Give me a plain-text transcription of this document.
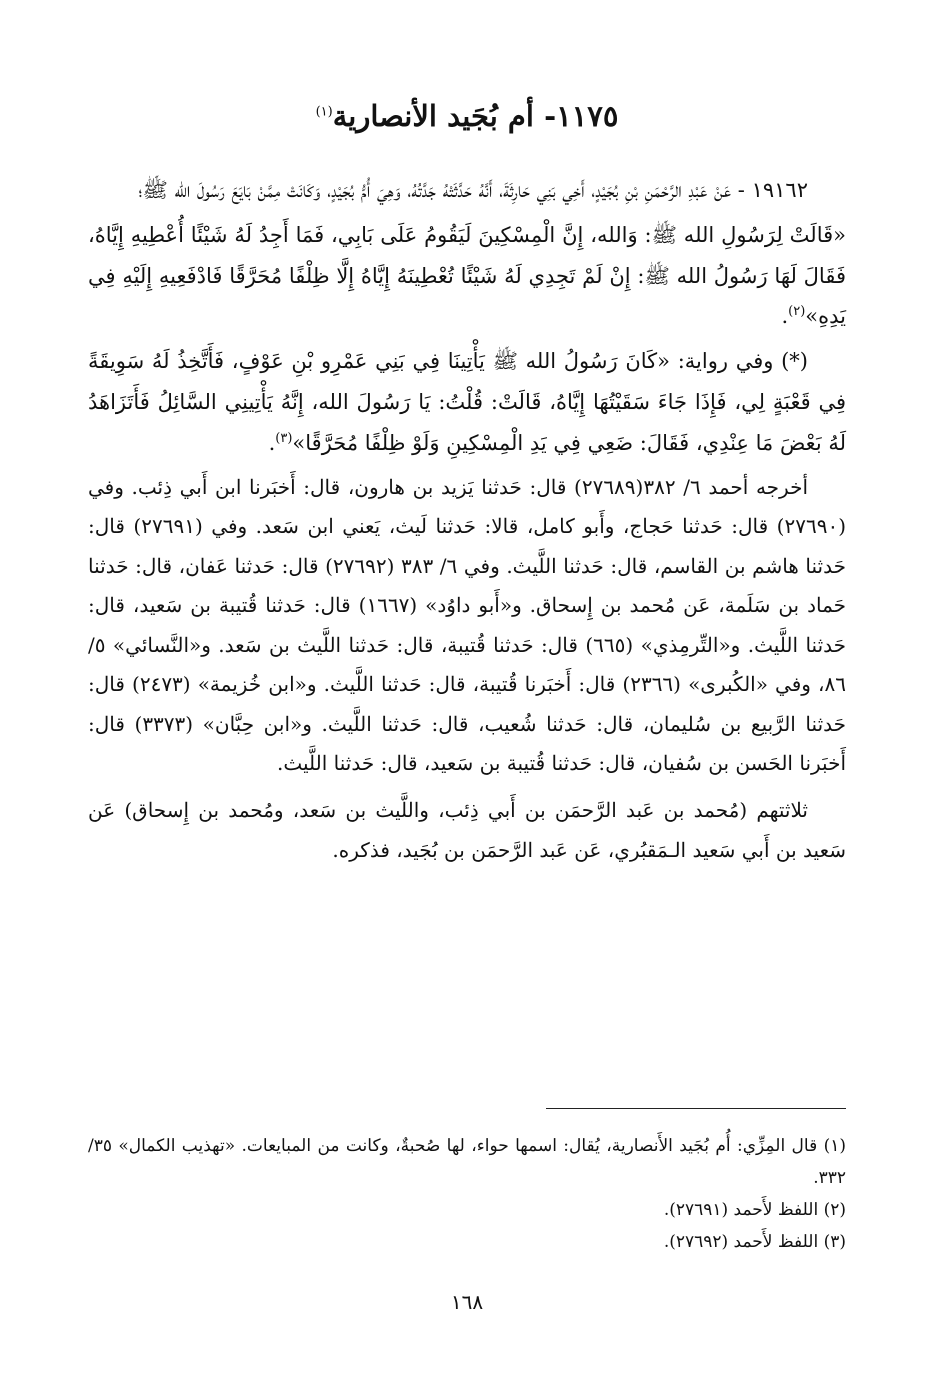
١١٧٥- أم بُجَيد الأنصارية$^{(١)}$

١٩١٦٢ - عَنْ عَبْدِ الرَّحْمَنِ بْنِ بُجَيْدٍ، أَخِي بَنِي حَارِثَةَ، أَنَّهُ حَدَّثَتْهُ جَدَّتُهُ، وَهِيَ أُمُّ بُجَيْدٍ، وَكَانَتْ مِمَّنْ بَايَعَ رَسُولَ الله ﷺ؛

«قَالَتْ لِرَسُولِ الله ﷺ: وَالله، إِنَّ الْمِسْكِينَ لَيَقُومُ عَلَى بَابِي، فَمَا أَجِدُ لَهُ شَيْئًا أُعْطِيهِ إِيَّاهُ، فَقَالَ لَهَا رَسُولُ الله ﷺ: إِنْ لَمْ تَجِدِي لَهُ شَيْئًا تُعْطِينَهُ إِيَّاهُ إِلَّا ظِلْفًا مُحَرَّقًا فَادْفَعِيهِ إِلَيْهِ فِي يَدِهِ»$^{(٢)}$.

(*) وفي رواية: «كَانَ رَسُولُ الله ﷺ يَأْتِينَا فِي بَنِي عَمْرِو بْنِ عَوْفٍ، فَأَتَّخِذُ لَهُ سَوِيقَةً فِي قَعْبَةٍ لِي، فَإِذَا جَاءَ سَقَيْتُهَا إِيَّاهُ، قَالَتْ: قُلْتُ: يَا رَسُولَ الله، إِنَّهُ يَأْتِينِي السَّائِلُ فَأَتَزَاهَدُ لَهُ بَعْضَ مَا عِنْدِي، فَقَالَ: ضَعِي فِي يَدِ الْمِسْكِينِ وَلَوْ ظِلْفًا مُحَرَّقًا»$^{(٣)}$.

أخرجه أحمد ٦/ ٣٨٢(٢٧٦٨٩) قال: حَدثنا يَزيد بن هارون، قال: أَخبَرنا ابن أَبي ذِئب. وفي (٢٧٦٩٠) قال: حَدثنا حَجاج، وأَبو كامل، قالا: حَدثنا لَيث، يَعني ابن سَعد. وفي (٢٧٦٩١) قال: حَدثنا هاشم بن القاسم، قال: حَدثنا اللَّيث. وفي ٦/ ٣٨٣ (٢٧٦٩٢) قال: حَدثنا عَفان، قال: حَدثنا حَماد بن سَلَمة، عَن مُحمد بن إِسحاق. و«أَبو داوُد» (١٦٦٧) قال: حَدثنا قُتيبة بن سَعيد، قال: حَدثنا اللَّيث. و«التِّرمِذي» (٦٦٥) قال: حَدثنا قُتيبة، قال: حَدثنا اللَّيث بن سَعد. و«النَّسائي» ٥/ ٨٦، وفي «الكُبرى» (٢٣٦٦) قال: أَخبَرنا قُتيبة، قال: حَدثنا اللَّيث. و«ابن خُزيمة» (٢٤٧٣) قال: حَدثنا الرَّبيع بن سُليمان، قال: حَدثنا شُعيب، قال: حَدثنا اللَّيث. و«ابن حِبَّان» (٣٣٧٣) قال: أَخبَرنا الحَسن بن سُفيان، قال: حَدثنا قُتيبة بن سَعيد، قال: حَدثنا اللَّيث.

ثلاثتهم (مُحمد بن عَبد الرَّحمَن بن أَبي ذِئب، واللَّيث بن سَعد، ومُحمد بن إِسحاق) عَن سَعيد بن أَبي سَعيد الـمَقبُري، عَن عَبد الرَّحمَن بن بُجَيد، فذكره.

(١) قال المِزِّي: أُم بُجَيد الأَنصارية، يُقال: اسمها حواء، لها صُحبةٌ، وكانت من المبايعات. «تهذيب الكمال» ٣٥/ ٣٣٢.
(٢) اللفظ لأَحمد (٢٧٦٩١).
(٣) اللفظ لأَحمد (٢٧٦٩٢).
١٦٨
